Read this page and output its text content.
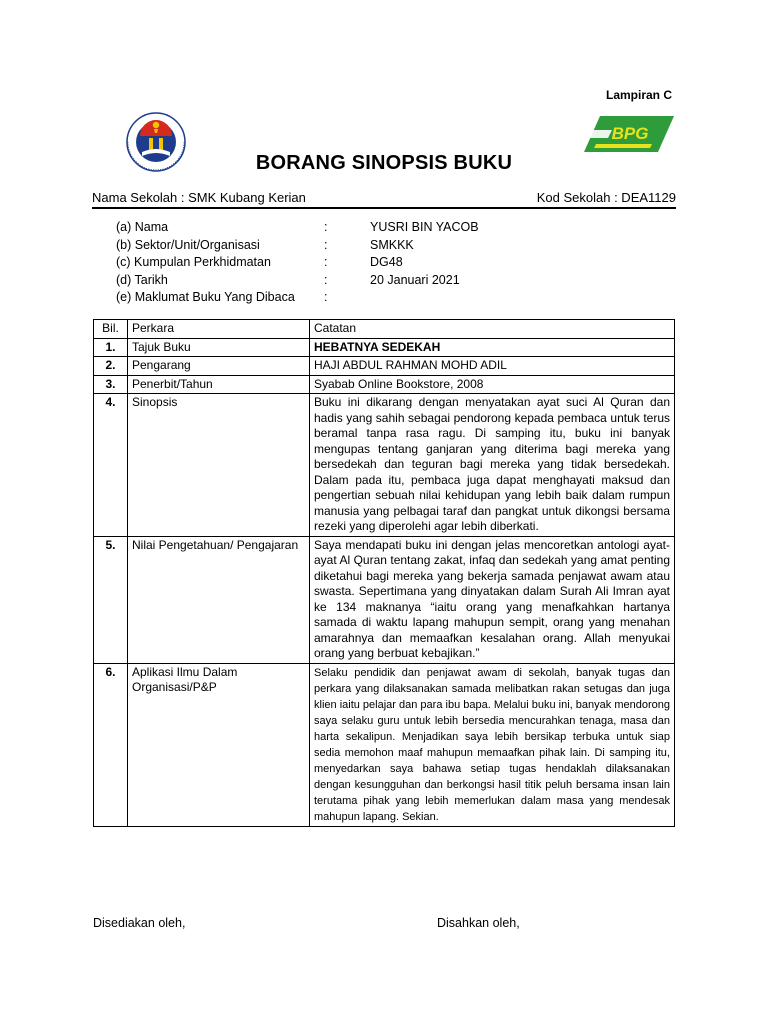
Lampiran C
BPG
BORANG SINOPSIS BUKU
Nama Sekolah : SMK Kubang Kerian	Kod Sekolah : DEA1129
(a) Nama	:	YUSRI BIN YACOB
(b) Sektor/Unit/Organisasi	:	SMKKK
(c) Kumpulan Perkhidmatan	:	DG48
(d) Tarikh	:	20 Januari 2021
(e) Maklumat Buku Yang Dibaca :
Bil.	Perkara	Catatan
1.	Tajuk Buku	HEBATNYA SEDEKAH
2.	Pengarang	HAJI ABDUL RAHMAN MOHD ADIL
3.	Penerbit/Tahun	Syabab Online Bookstore, 2008
4.	Sinopsis	Buku ini dikarang dengan menyatakan ayat suci Al Quran dan hadis yang sahih sebagai pendorong kepada pembaca untuk terus beramal tanpa rasa ragu. Di samping itu, buku ini banyak mengupas tentang ganjaran yang diterima bagi mereka yang bersedekah dan teguran bagi mereka yang tidak bersedekah. Dalam pada itu, pembaca juga dapat menghayati maksud dan pengertian sebuah nilai kehidupan yang lebih baik dalam rumpun manusia yang pelbagai taraf dan pangkat untuk dikongsi bersama rezeki yang diperolehi agar lebih diberkati.
5.	Nilai Pengetahuan/ Pengajaran	Saya mendapati buku ini dengan jelas mencoretkan antologi ayat-ayat Al Quran tentang zakat, infaq dan sedekah yang amat penting diketahui bagi mereka yang bekerja samada penjawat awam atau swasta. Sepertimana yang dinyatakan dalam Surah Ali Imran ayat ke 134 maknanya “iaitu orang yang menafkahkan hartanya samada di waktu lapang mahupun sempit, orang yang menahan amarahnya dan memaafkan kesalahan orang. Allah menyukai orang yang berbuat kebajikan.”
6.	Aplikasi Ilmu Dalam Organisasi/P&P	Selaku pendidik dan penjawat awam di sekolah, banyak tugas dan perkara yang dilaksanakan samada melibatkan rakan setugas dan juga klien iaitu pelajar dan para ibu bapa. Melalui buku ini, banyak mendorong saya selaku guru untuk lebih bersedia mencurahkan tenaga, masa dan harta sekalipun. Menjadikan saya lebih bersikap terbuka untuk siap sedia memohon maaf mahupun memaafkan pihak lain. Di samping itu, menyedarkan saya bahawa setiap tugas hendaklah dilaksanakan dengan kesungguhan dan berkongsi hasil titik peluh bersama insan lain terutama pihak yang lebih memerlukan dalam masa yang mendesak mahupun lapang. Sekian.
Disediakan oleh,	Disahkan oleh,
